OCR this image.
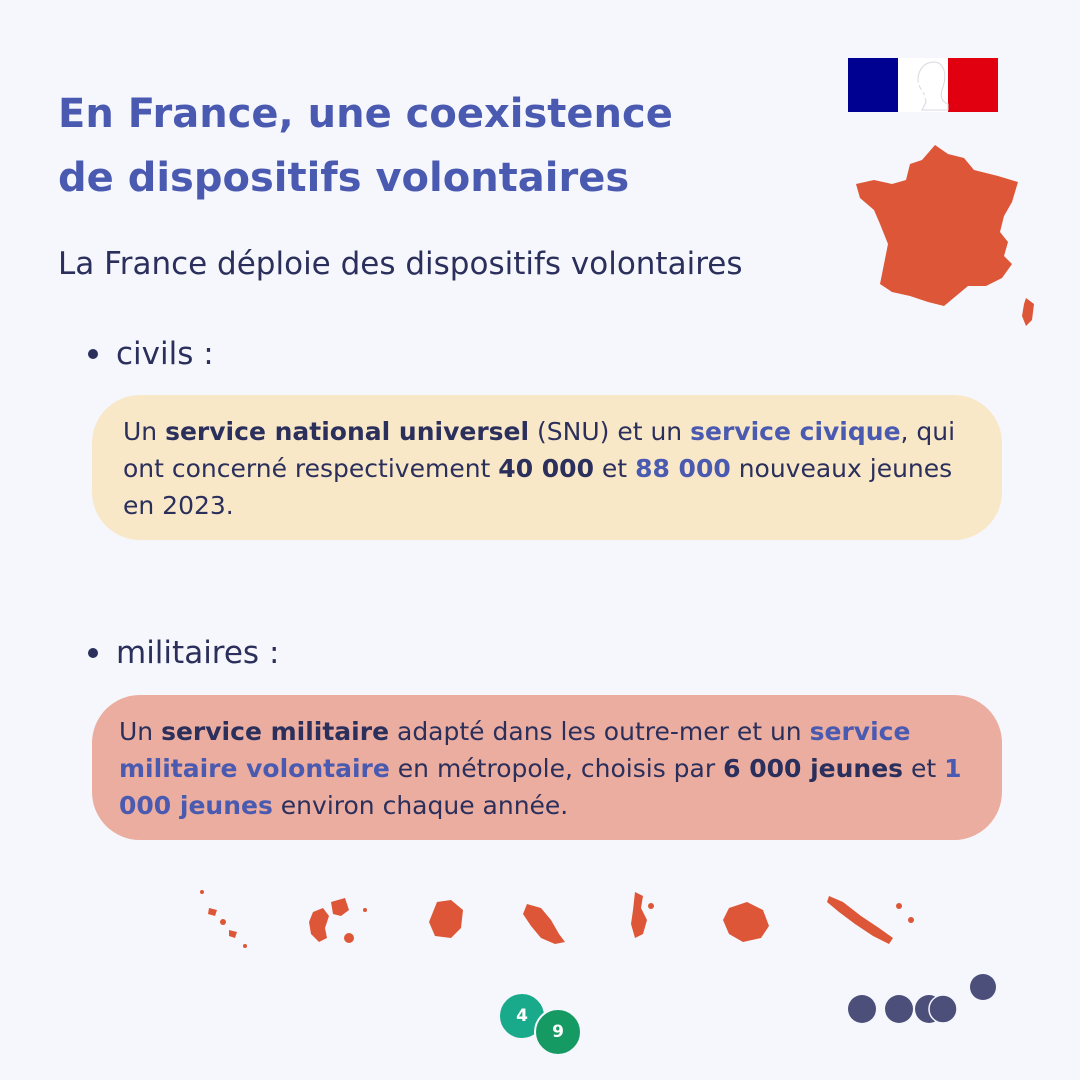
En France, une coexistence
de dispositifs volontaires

La France déploie des dispositifs volontaires

civils :
Un service national universel (SNU) et un service civique, qui ont concerné respectivement 40 000 et 88 000 nouveaux jeunes en 2023.
militaires :
Un service militaire adapté dans les outre-mer et un service militaire volontaire en métropole, choisis par 6 000 jeunes et 1 000 jeunes environ chaque année.
4
9
